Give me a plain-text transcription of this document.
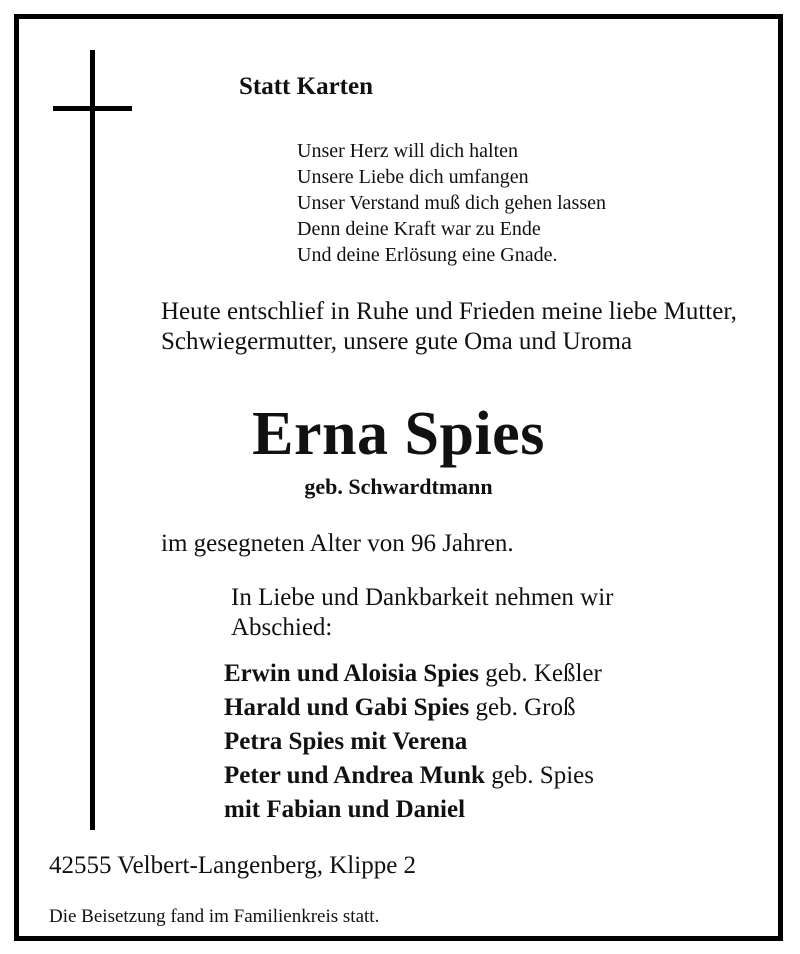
Statt Karten
Unser Herz will dich halten
Unsere Liebe dich umfangen
Unser Verstand muß dich gehen lassen
Denn deine Kraft war zu Ende
Und deine Erlösung eine Gnade.
Heute entschlief in Ruhe und Frieden meine liebe Mutter, Schwiegermutter, unsere gute Oma und Uroma
Erna Spies
geb. Schwardtmann
im gesegneten Alter von 96 Jahren.
In Liebe und Dankbarkeit nehmen wir Abschied:
Erwin und Aloisia Spies geb. Keßler
Harald und Gabi Spies geb. Groß
Petra Spies mit Verena
Peter und Andrea Munk geb. Spies
mit Fabian und Daniel
42555 Velbert-Langenberg, Klippe 2
Die Beisetzung fand im Familienkreis statt.
